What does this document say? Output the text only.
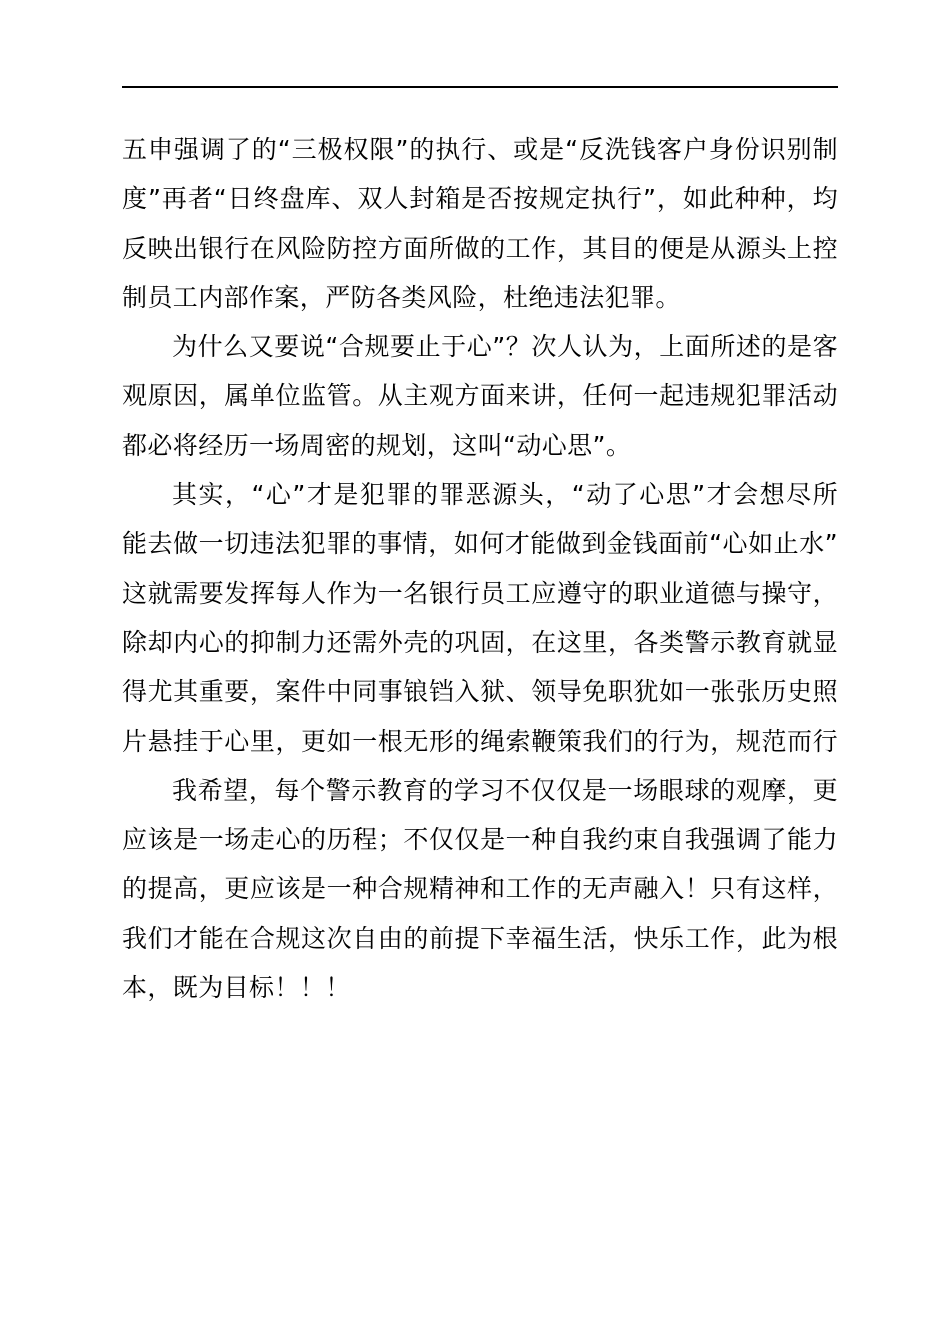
五申强调了的“三极权限”的执行、或是“反洗钱客户身份识别制
度”再者“日终盘库、双人封箱是否按规定执行”，如此种种，均
反映出银行在风险防控方面所做的工作，其目的便是从源头上控
制员工内部作案，严防各类风险，杜绝违法犯罪。
为什么又要说“合规要止于心”？次人认为，上面所述的是客
观原因，属单位监管。从主观方面来讲，任何一起违规犯罪活动
都必将经历一场周密的规划，这叫“动心思”。
其实，“心”才是犯罪的罪恶源头，“动了心思”才会想尽所
能去做一切违法犯罪的事情，如何才能做到金钱面前“心如止水”
这就需要发挥每人作为一名银行员工应遵守的职业道德与操守，
除却内心的抑制力还需外壳的巩固，在这里，各类警示教育就显
得尤其重要，案件中同事锒铛入狱、领导免职犹如一张张历史照
片悬挂于心里，更如一根无形的绳索鞭策我们的行为，规范而行
我希望，每个警示教育的学习不仅仅是一场眼球的观摩，更
应该是一场走心的历程；不仅仅是一种自我约束自我强调了能力
的提高，更应该是一种合规精神和工作的无声融入！只有这样，
我们才能在合规这次自由的前提下幸福生活，快乐工作，此为根
本，既为目标！！！
